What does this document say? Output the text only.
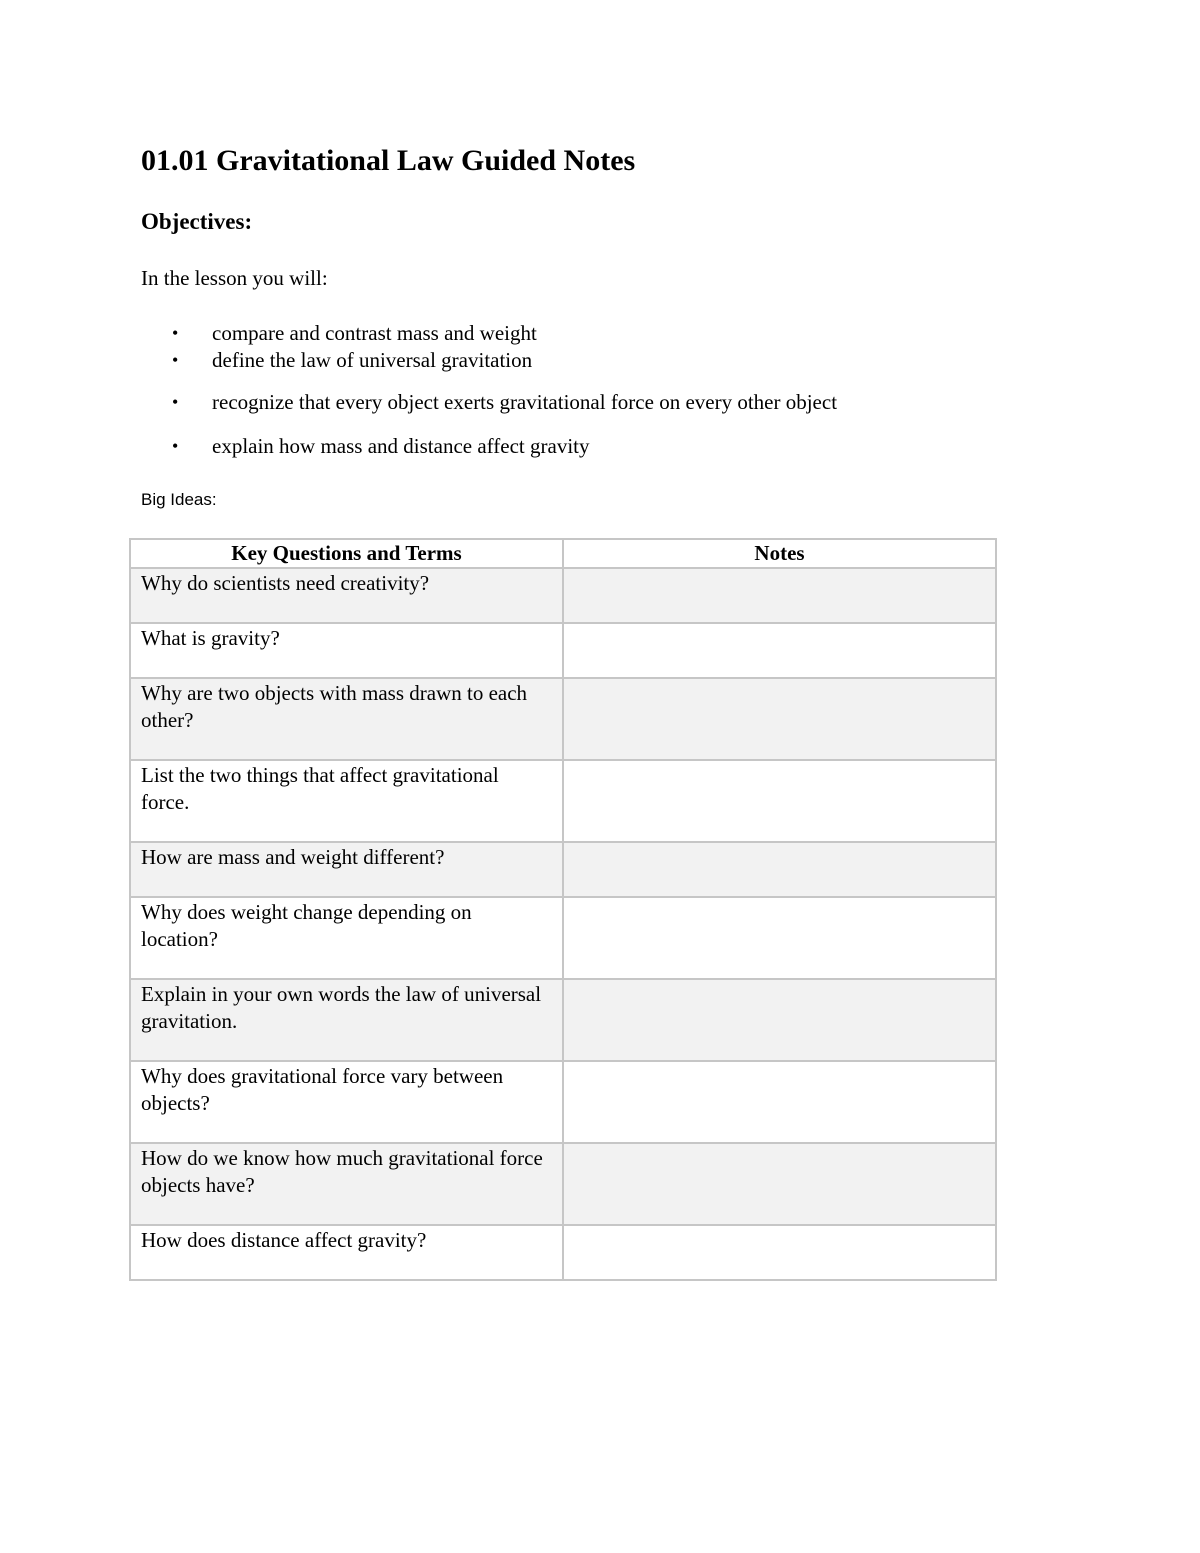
01.01 Gravitational Law Guided Notes
Objectives:

In the lesson you will:

• compare and contrast mass and weight
• define the law of universal gravitation
• recognize that every object exerts gravitational force on every other object
• explain how mass and distance affect gravity

Big Ideas:

Key Questions and Terms	Notes

Why do scientists need creativity?	

What is gravity?	

Why are two objects with mass drawn to each other?	

List the two things that affect gravitational force.	

How are mass and weight different?	

Why does weight change depending on location?	

Explain in your own words the law of universal gravitation.	

Why does gravitational force vary between objects?	

How do we know how much gravitational force objects have?	

How does distance affect gravity?	
